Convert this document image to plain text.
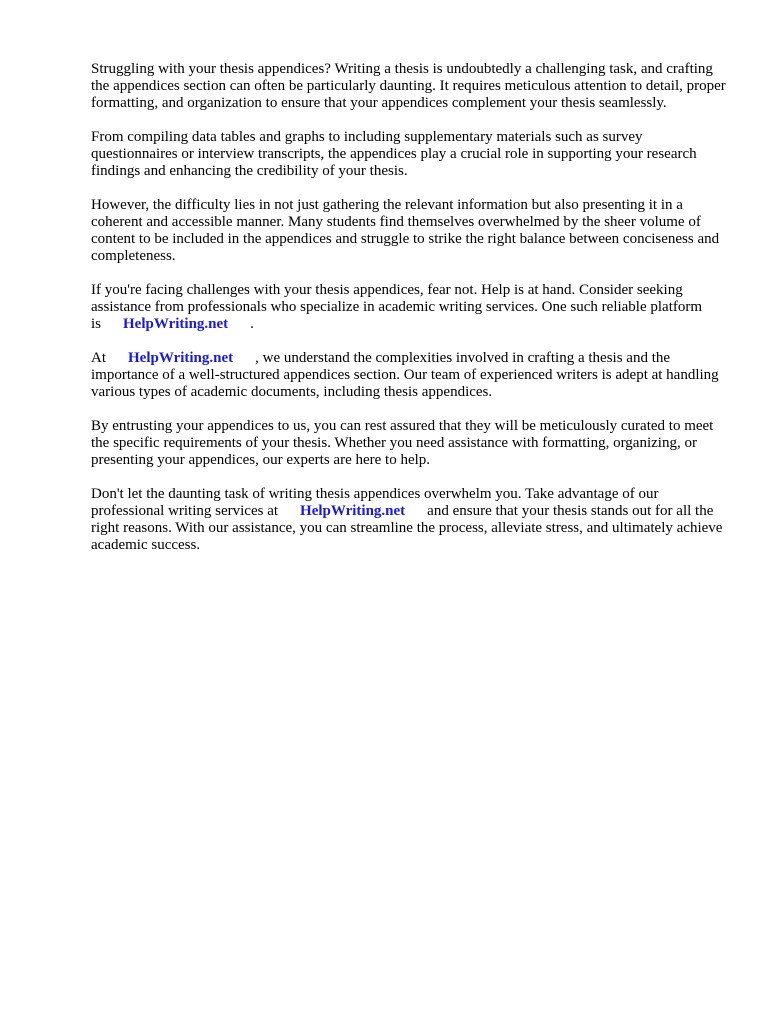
Struggling with your thesis appendices? Writing a thesis is undoubtedly a challenging task, and crafting the appendices section can often be particularly daunting. It requires meticulous attention to detail, proper formatting, and organization to ensure that your appendices complement your thesis seamlessly.

From compiling data tables and graphs to including supplementary materials such as survey questionnaires or interview transcripts, the appendices play a crucial role in supporting your research findings and enhancing the credibility of your thesis.

However, the difficulty lies in not just gathering the relevant information but also presenting it in a coherent and accessible manner. Many students find themselves overwhelmed by the sheer volume of content to be included in the appendices and struggle to strike the right balance between conciseness and completeness.

If you're facing challenges with your thesis appendices, fear not. Help is at hand. Consider seeking assistance from professionals who specialize in academic writing services. One such reliable platform is HelpWriting.net .

At HelpWriting.net , we understand the complexities involved in crafting a thesis and the importance of a well-structured appendices section. Our team of experienced writers is adept at handling various types of academic documents, including thesis appendices.

By entrusting your appendices to us, you can rest assured that they will be meticulously curated to meet the specific requirements of your thesis. Whether you need assistance with formatting, organizing, or presenting your appendices, our experts are here to help.

Don't let the daunting task of writing thesis appendices overwhelm you. Take advantage of our professional writing services at HelpWriting.net and ensure that your thesis stands out for all the right reasons. With our assistance, you can streamline the process, alleviate stress, and ultimately achieve academic success.
